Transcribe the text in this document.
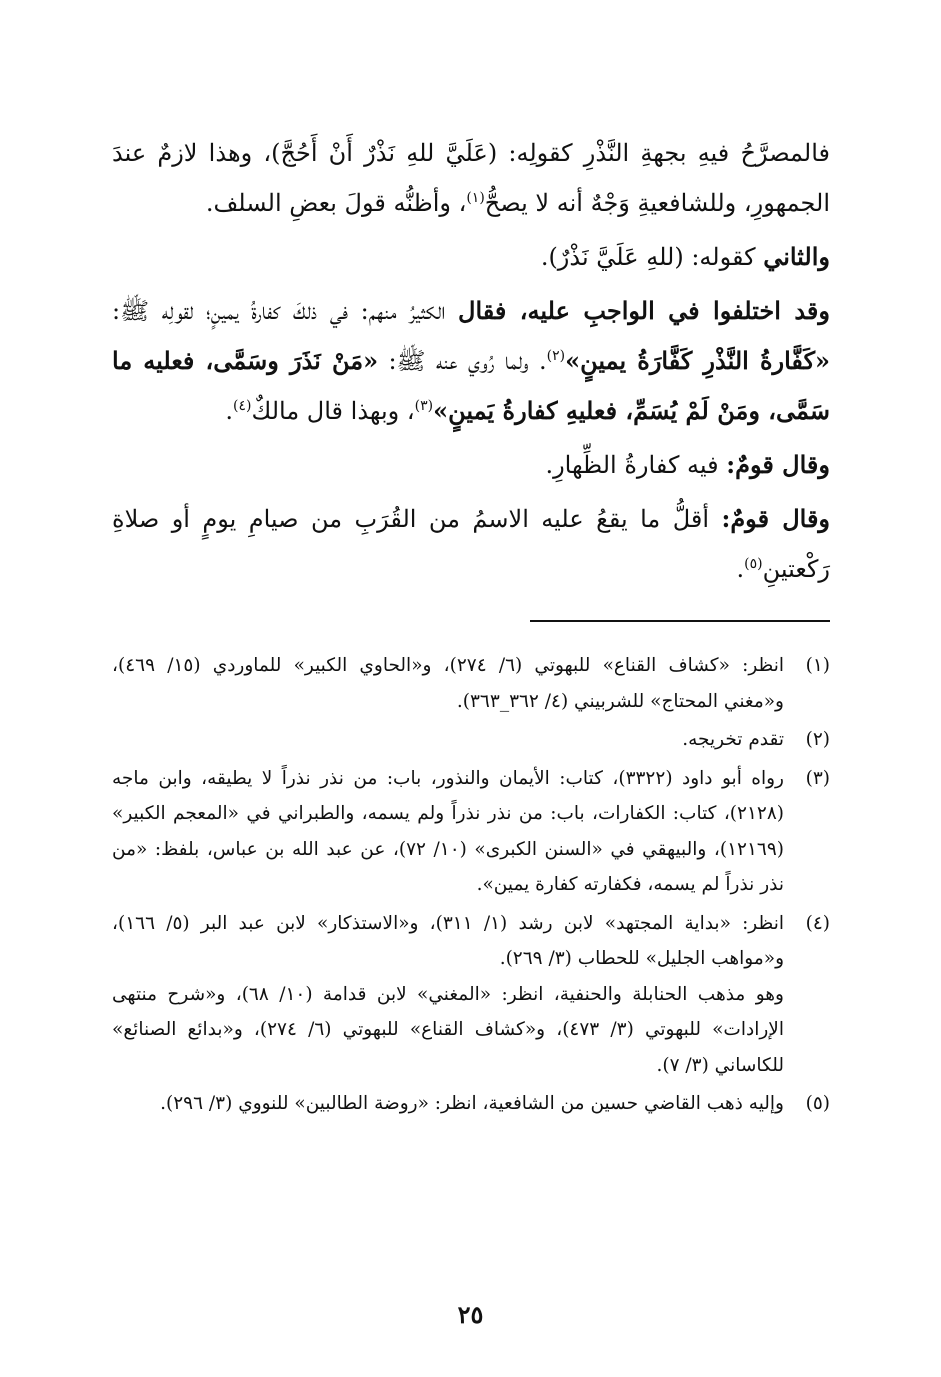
فالمصرَّحُ فيهِ بجهةِ النَّذْرِ كقولِه: (عَلَيَّ للهِ نَذْرٌ أَنْ أَحُجَّ)، وهذا لازمٌ عندَ الجمهورِ، وللشافعيةِ وَجْهٌ أنه لا يصحُّ$^{(١)}$، وأظنُّه قولَ بعضِ السلف.

والثاني كقوله: (للهِ عَلَيَّ نَذْرٌ).

وقد اختلفوا في الواجبِ عليه، فقال الكثيرُ منهم: في ذلكَ كفارةُ يمينٍ؛ لقولِه ﷺ: «كَفَّارةُ النَّذْرِ كَفَّارَةُ يمينٍ»$^{(٢)}$. ولما رُوي عنه ﷺ: «مَنْ نَذَرَ وسَمَّى، فعليه ما سَمَّى، ومَنْ لَمْ يُسَمِّ، فعليهِ كفارةُ يَمينٍ»$^{(٣)}$، وبهذا قال مالكٌ$^{(٤)}$.

وقال قومٌ: فيه كفارةُ الظِّهارِ.

وقال قومٌ: أقلُّ ما يقعُ عليه الاسمُ من القُرَبِ من صيامِ يومٍ أو صلاةِ رَكْعتينِ$^{(٥)}$.

(١)

انظر: «كشاف القناع» للبهوتي (٦/ ٢٧٤)، و«الحاوي الكبير» للماوردي (١٥/ ٤٦٩)، و«مغني المحتاج» للشربيني (٤/ ٣٦٢_٣٦٣).

(٢)

تقدم تخريجه.

(٣)

رواه أبو داود (٣٣٢٢)، كتاب: الأيمان والنذور، باب: من نذر نذراً لا يطيقه، وابن ماجه (٢١٢٨)، كتاب: الكفارات، باب: من نذر نذراً ولم يسمه، والطبراني في «المعجم الكبير» (١٢١٦٩)، والبيهقي في «السنن الكبرى» (١٠/ ٧٢)، عن عبد الله بن عباس، بلفظ: «من نذر نذراً لم يسمه، فكفارته كفارة يمين».

(٤)

انظر: «بداية المجتهد» لابن رشد (١/ ٣١١)، و«الاستذكار» لابن عبد البر (٥/ ١٦٦)، و«مواهب الجليل» للحطاب (٣/ ٢٦٩).

وهو مذهب الحنابلة والحنفية، انظر: «المغني» لابن قدامة (١٠/ ٦٨)، و«شرح منتهى الإرادات» للبهوتي (٣/ ٤٧٣)، و«كشاف القناع» للبهوتي (٦/ ٢٧٤)، و«بدائع الصنائع» للكاساني (٣/ ٧).

(٥)

وإليه ذهب القاضي حسين من الشافعية، انظر: «روضة الطالبين» للنووي (٣/ ٢٩٦).

٢٥
